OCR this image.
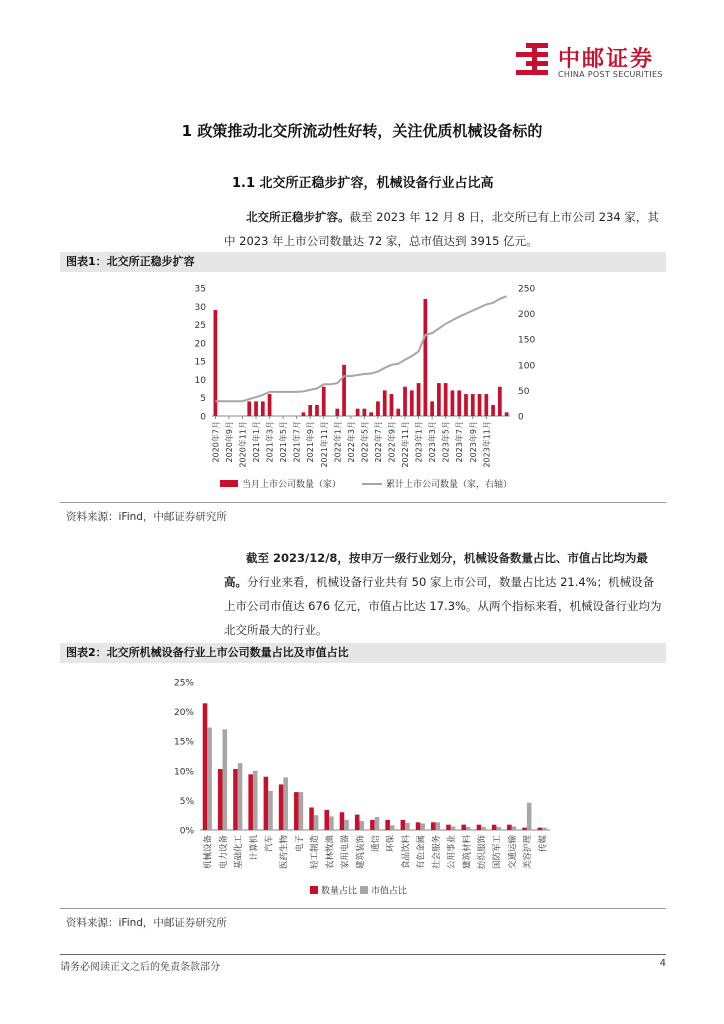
中邮证券
CHINA POST SECURITIES
1 政策推动北交所流动性好转，关注优质机械设备标的
1.1 北交所正稳步扩容，机械设备行业占比高
北交所正稳步扩容。截至 2023 年 12 月 8 日，北交所已有上市公司 234 家，其中 2023 年上市公司数量达 72 家，总市值达到 3915 亿元。
图表1：北交所正稳步扩容
0
5
10
15
20
25
30
35
0
50
100
150
200
250
2020年7月 2020年9月 2020年11月 2021年1月 2021年3月 2021年5月 2021年7月 2021年9月 2021年11月 2022年1月 2022年3月 2022年5月 2022年7月 2022年9月 2022年11月 2023年1月 2023年3月 2023年5月 2023年7月 2023年9月 2023年11月
当月上市公司数量（家）	累计上市公司数量（家，右轴）
资料来源：iFind，中邮证券研究所
截至 2023/12/8，按申万一级行业划分，机械设备数量占比、市值占比均为最高。分行业来看，机械设备行业共有 50 家上市公司，数量占比达 21.4%；机械设备上市公司市值达 676 亿元，市值占比达 17.3%。从两个指标来看，机械设备行业均为北交所最大的行业。
图表2：北交所机械设备行业上市公司数量占比及市值占比
0%
5%
10%
15%
20%
25%
机械设备 电力设备 基础化工 计算机 汽车 医药生物 电子 轻工制造 农林牧渔 家用电器 建筑装饰 通信 环保 食品饮料 有色金属 社会服务 公用事业 建筑材料 纺织服饰 国防军工 交通运输 美容护理 传媒
数量占比 市值占比
资料来源：iFind，中邮证券研究所
请务必阅读正文之后的免责条款部分	4
